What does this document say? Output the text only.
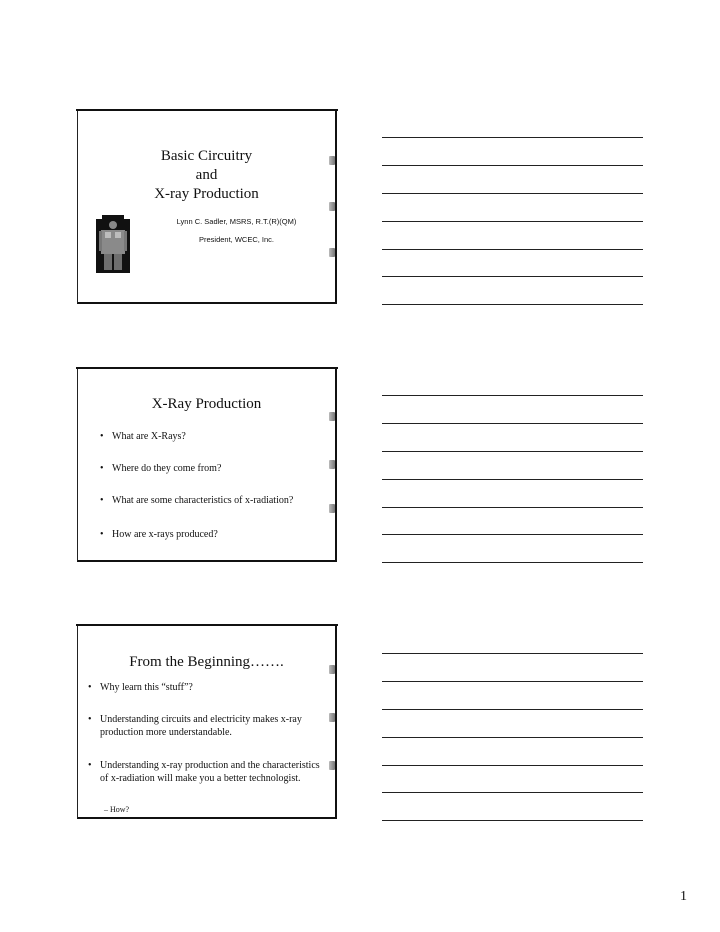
Basic Circuitry
and
X-ray Production
Lynn C. Sadler, MSRS, R.T.(R)(QM)
President, WCEC, Inc.
X-Ray Production
• What are X-Rays?
• Where do they come from?
• What are some characteristics of x-radiation?
• How are x-rays produced?
From the Beginning…….
• Why learn this “stuff”?
• Understanding circuits and electricity makes x-ray production more understandable.
• Understanding x-ray production and the characteristics of x-radiation will make you a better technologist.
– How?
1
